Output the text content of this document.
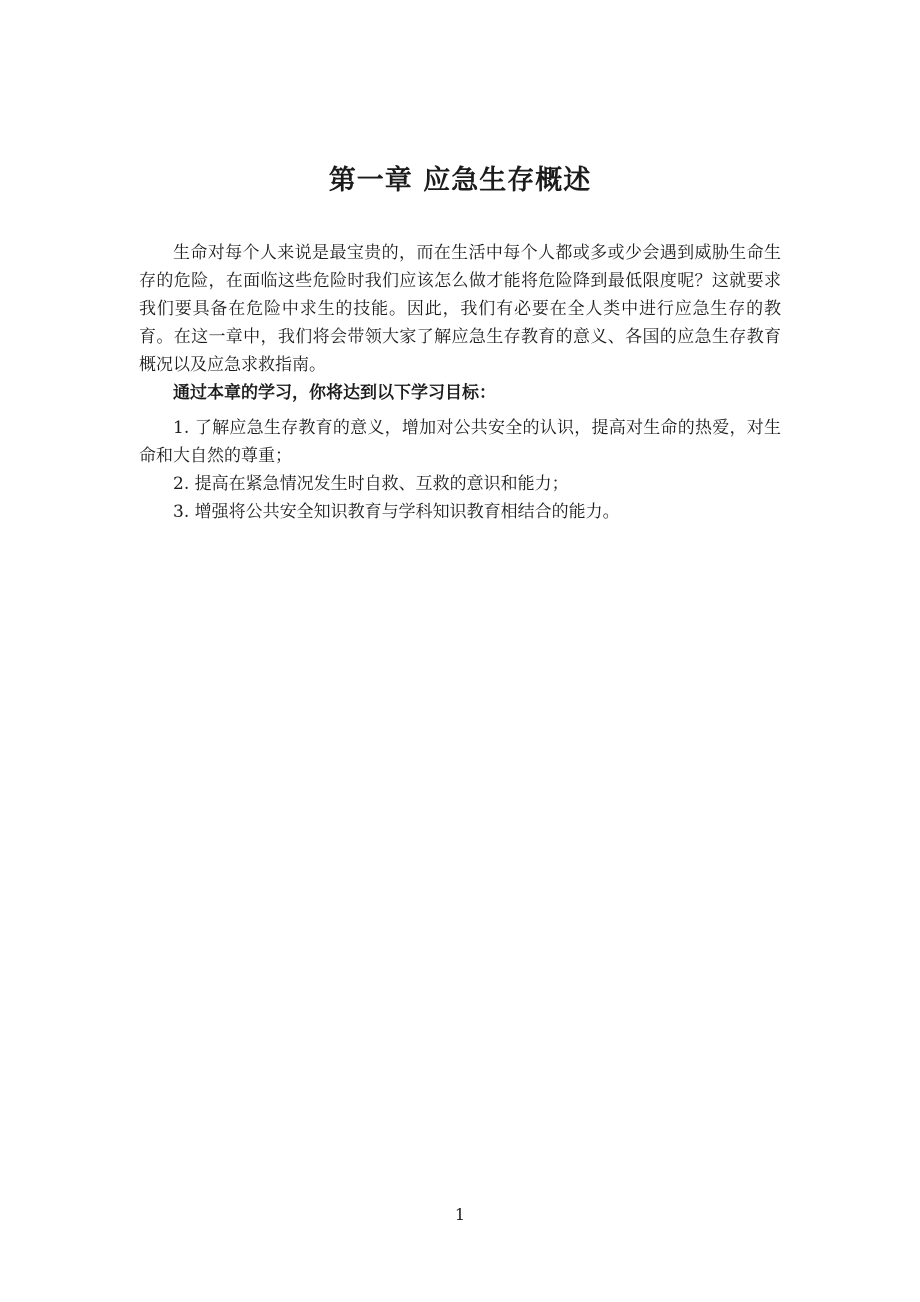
第一章 应急生存概述

生命对每个人来说是最宝贵的，而在生活中每个人都或多或少会遇到威胁生命生存的危险，在面临这些危险时我们应该怎么做才能将危险降到最低限度呢？这就要求我们要具备在危险中求生的技能。因此，我们有必要在全人类中进行应急生存的教育。在这一章中，我们将会带领大家了解应急生存教育的意义、各国的应急生存教育概况以及应急求救指南。

通过本章的学习，你将达到以下学习目标：

1. 了解应急生存教育的意义，增加对公共安全的认识，提高对生命的热爱，对生命和大自然的尊重；
2. 提高在紧急情况发生时自救、互救的意识和能力；
3. 增强将公共安全知识教育与学科知识教育相结合的能力。
1
